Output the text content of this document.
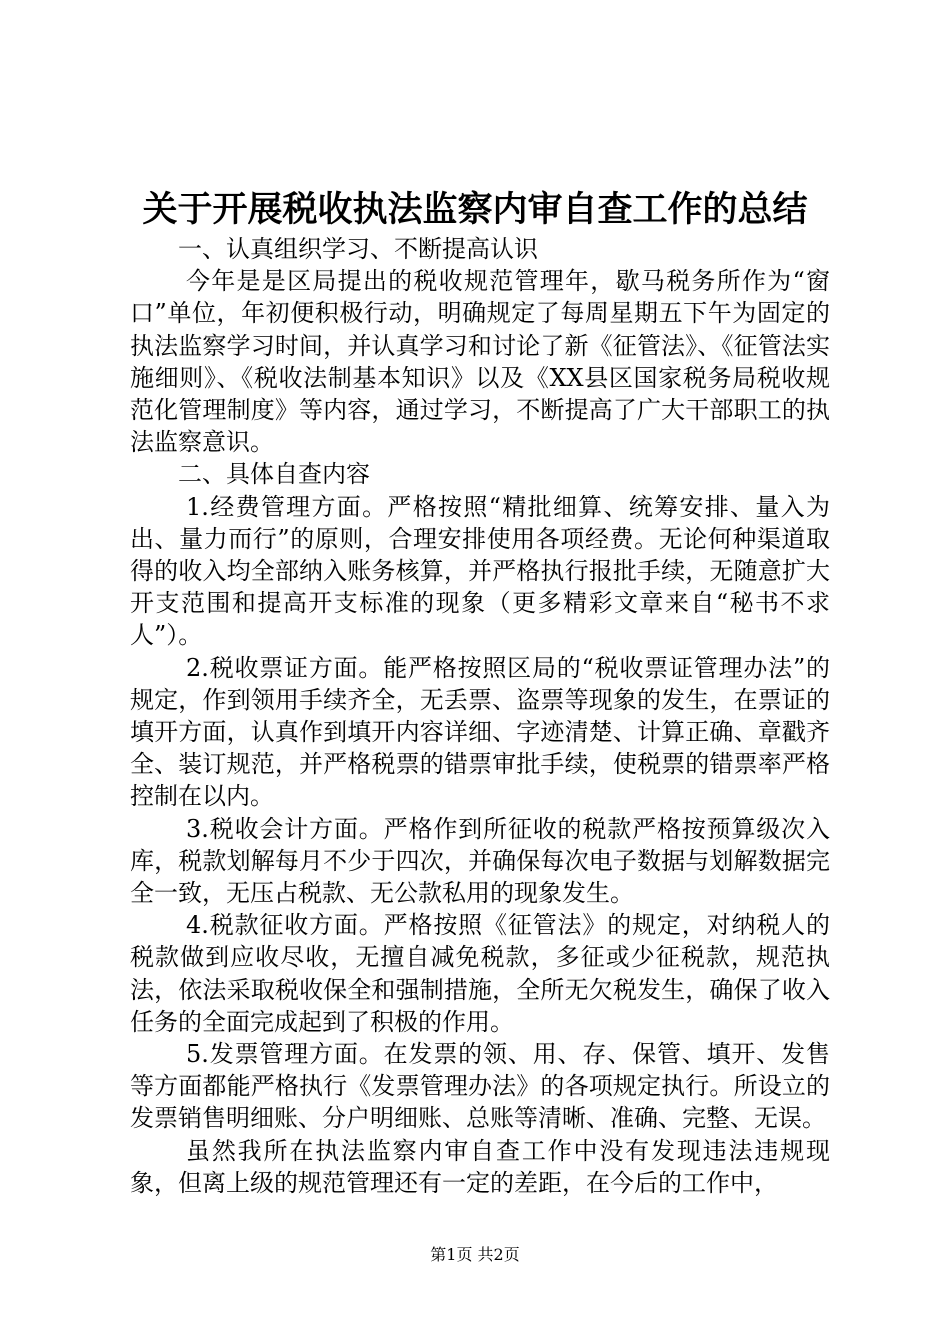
关于开展税收执法监察内审自查工作的总结

一、认真组织学习、不断提高认识

今年是是区局提出的税收规范管理年，歇马税务所作为“窗口”单位，年初便积极行动，明确规定了每周星期五下午为固定的执法监察学习时间，并认真学习和讨论了新《征管法》、《征管法实施细则》、《税收法制基本知识》以及《XX县区国家税务局税收规范化管理制度》等内容，通过学习，不断提高了广大干部职工的执法监察意识。

二、具体自查内容

1.经费管理方面。严格按照“精批细算、统筹安排、量入为出、量力而行”的原则，合理安排使用各项经费。无论何种渠道取得的收入均全部纳入账务核算，并严格执行报批手续，无随意扩大开支范围和提高开支标准的现象（更多精彩文章来自“秘书不求人”）。

2.税收票证方面。能严格按照区局的“税收票证管理办法”的规定，作到领用手续齐全，无丢票、盗票等现象的发生，在票证的填开方面，认真作到填开内容详细、字迹清楚、计算正确、章戳齐全、装订规范，并严格税票的错票审批手续，使税票的错票率严格控制在以内。

3.税收会计方面。严格作到所征收的税款严格按预算级次入库，税款划解每月不少于四次，并确保每次电子数据与划解数据完全一致，无压占税款、无公款私用的现象发生。

4.税款征收方面。严格按照《征管法》的规定，对纳税人的税款做到应收尽收，无擅自减免税款，多征或少征税款，规范执法，依法采取税收保全和强制措施，全所无欠税发生，确保了收入任务的全面完成起到了积极的作用。

5.发票管理方面。在发票的领、用、存、保管、填开、发售等方面都能严格执行《发票管理办法》的各项规定执行。所设立的发票销售明细账、分户明细账、总账等清晰、准确、完整、无误。

虽然我所在执法监察内审自查工作中没有发现违法违规现象，但离上级的规范管理还有一定的差距，在今后的工作中，

第1页 共2页
